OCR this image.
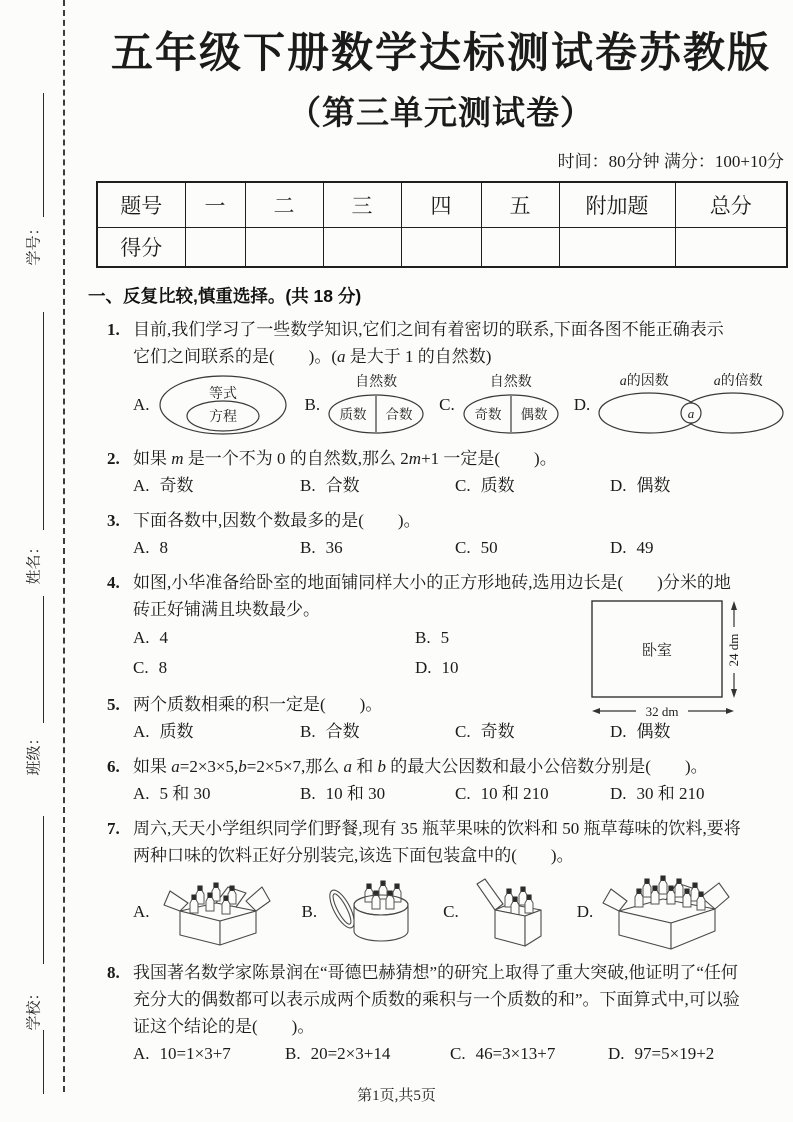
学号：
姓名：
班级：
学校：
五年级下册数学达标测试卷苏教版
（第三单元测试卷）
时间：80分钟 满分：100+10分
题号	一	二	三	四	五	附加题	总分
得分							
一、反复比较,慎重选择。(共 18 分)
1. 目前,我们学习了一些数学知识,它们之间有着密切的联系,下面各图不能正确表示
它们之间联系的是(　　)。(a 是大于 1 的自然数)
A.
等式
方程
B.
自然数
质数 合数
C.
自然数
奇数 偶数
D.
a的因数	a的倍数
a
2. 如果 m 是一个不为 0 的自然数,那么 2m+1 一定是(　　)。
A. 奇数	B. 合数	C. 质数	D. 偶数
3. 下面各数中,因数个数最多的是(　　)。
A. 8	B. 36	C. 50	D. 49
4. 如图,小华准备给卧室的地面铺同样大小的正方形地砖,选用边长是(　　)分米的地
砖正好铺满且块数最少。
A. 4	B. 5
C. 8	D. 10
卧室	24 dm
32 dm
5. 两个质数相乘的积一定是(　　)。
A. 质数	B. 合数	C. 奇数	D. 偶数
6. 如果 a=2×3×5,b=2×5×7,那么 a 和 b 的最大公因数和最小公倍数分别是(　　)。
A. 5 和 30	B. 10 和 30	C. 10 和 210	D. 30 和 210
7. 周六,天天小学组织同学们野餐,现有 35 瓶苹果味的饮料和 50 瓶草莓味的饮料,要将
两种口味的饮料正好分别装完,该选下面包装盒中的(　　)。
A.	B.	C.	D.
8. 我国著名数学家陈景润在“哥德巴赫猜想”的研究上取得了重大突破,他证明了“任何
充分大的偶数都可以表示成两个质数的乘积与一个质数的和”。下面算式中,可以验
证这个结论的是(　　)。
A. 10=1×3+7	B. 20=2×3+14	C. 46=3×13+7	D. 97=5×19+2
第1页,共5页
